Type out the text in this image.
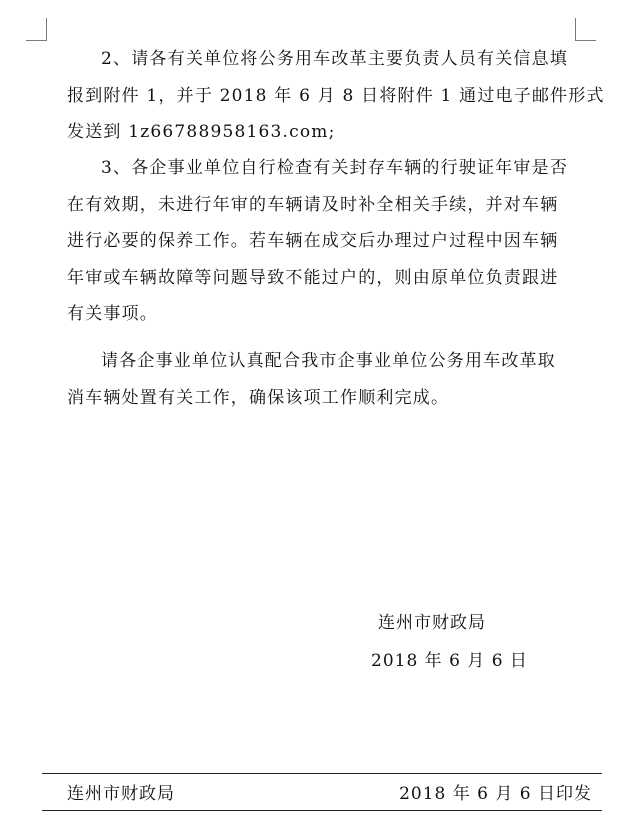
2、请各有关单位将公务用车改革主要负责人员有关信息填
报到附件 1，并于 2018 年 6 月 8 日将附件 1 通过电子邮件形式
发送到 1z66788958163.com;
3、各企事业单位自行检查有关封存车辆的行驶证年审是否
在有效期，未进行年审的车辆请及时补全相关手续，并对车辆
进行必要的保养工作。若车辆在成交后办理过户过程中因车辆
年审或车辆故障等问题导致不能过户的，则由原单位负责跟进
有关事项。
请各企事业单位认真配合我市企事业单位公务用车改革取
消车辆处置有关工作，确保该项工作顺利完成。
连州市财政局
2018 年 6 月 6 日
连州市财政局	2018 年 6 月 6 日印发
